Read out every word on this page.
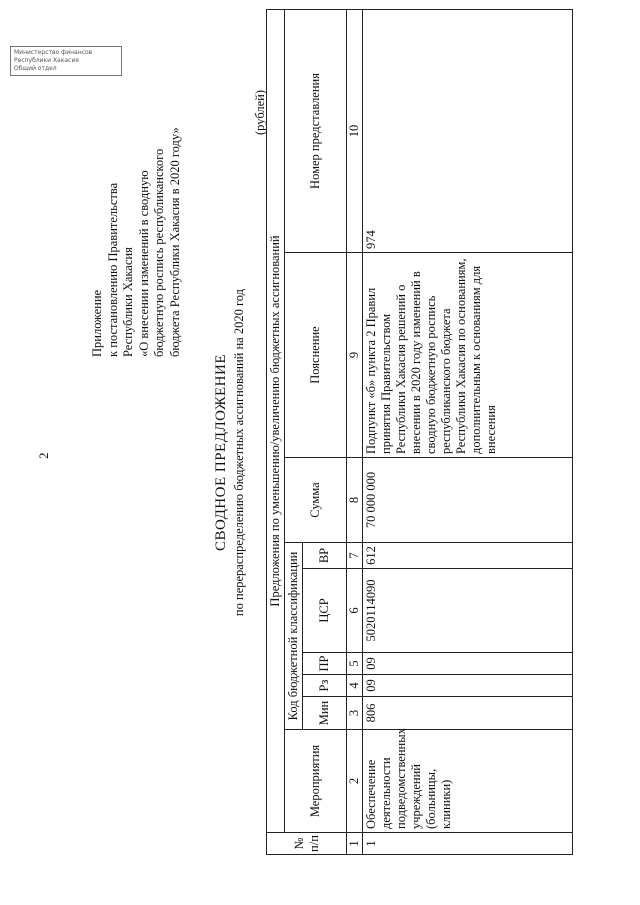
2
Приложение к постановлению Правительства Республики Хакасия «О внесении изменений в сводную бюджетную роспись республиканского бюджета Республики Хакасия в 2020 году»
СВОДНОЕ ПРЕДЛОЖЕНИЕ по перераспределению бюджетных ассигнований на 2020 год
(рублей)
№ п/п	Предложения по уменьшению/увеличению бюджетных ассигнований								
	Мероприятия	Код бюджетной классификации					Сумма	Пояснение	Номер представления
		Мин	Рз	ПР	ЦСР	ВР			
1	2	3	4	5	6	7	8	9	10
1	Обеспечение деятельности подведомственных учреждений (больницы, клиники)	806	09	09	5020114090	612	70 000 000	Подпункт «б» пункта 2 Правил принятия Правительством Республики Хакасия решений о внесении в 2020 году изменений в сводную бюджетную роспись республиканского бюджета Республики Хакасия по основаниям, дополнительным к основаниям для внесения	974
Министерство финансов
Республики Хакасия
Общий отдел
